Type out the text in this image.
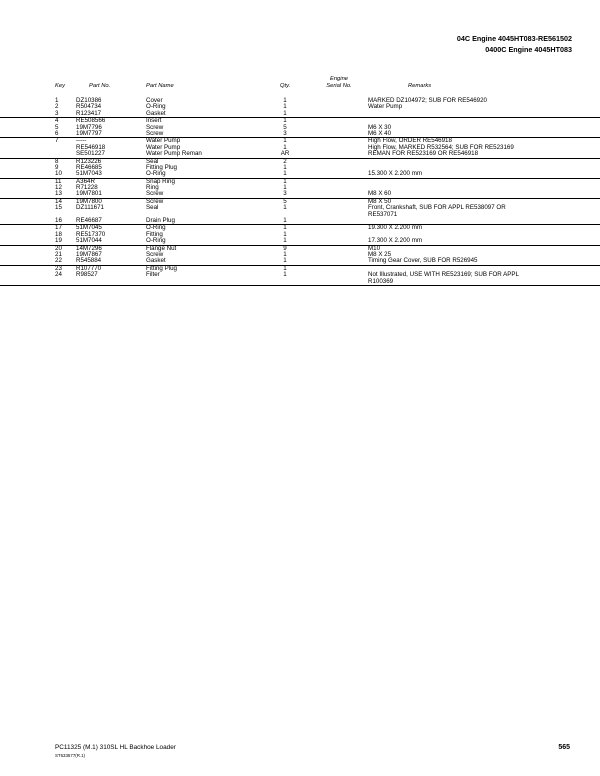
04C Engine 4045HT083-RE561502
0400C Engine 4045HT083
Key	Part No.	Part Name	Qty.
Engine
Serial No.	Remarks
1	DZ10386	Cover	1	MARKED DZ104972; SUB FOR RE546920
2	R504734	O-Ring	1	Water Pump
3	R123417	Gasket	1
4	RE508566	Insert	1
5	19M7796	Screw	5	M6 X 30
6	19M7797	Screw	3	M6 X 40
7	-----	Water Pump	1	High Flow, ORDER RE546918
RE546918	Water Pump	1	High Flow, MARKED R532564; SUB FOR RE523169
SE501227	Water Pump Reman	AR	REMAN FOR RE523169 OR RE546918
8	R123226	Seal	2
9	RE46685	Fitting Plug	1
10 51M7043	O-Ring	1	15.300 X 2.200 mm
11 A364R	Snap Ring	1
12 R71228	Ring	1
13 19M7801	Screw	3	M8 X 60
14 19M7800	Screw	5	M8 X 50
15 DZ111671	Seal	1	Front, Crankshaft, SUB FOR APPL RE538097 OR
RE537071
16 RE46687	Drain Plug	1
17 51M7045	O-Ring	1	19.300 X 2.200 mm
18 RE517370	Fitting	1
19 51M7044	O-Ring	1	17.300 X 2.200 mm
20 14M7296	Flange Nut	9	M10
21 19M7867	Screw	1	M8 X 25
22 R545884	Gasket	1	Timing Gear Cover, SUB FOR R526945
23 R107770	Fitting Plug	1
24 R98527	Filter	1	Not Illustrated, USE WITH RE523169; SUB FOR APPL
R100369
PC11325 (M.1) 310SL HL Backhoe Loader
ST633577(R.1)
565
